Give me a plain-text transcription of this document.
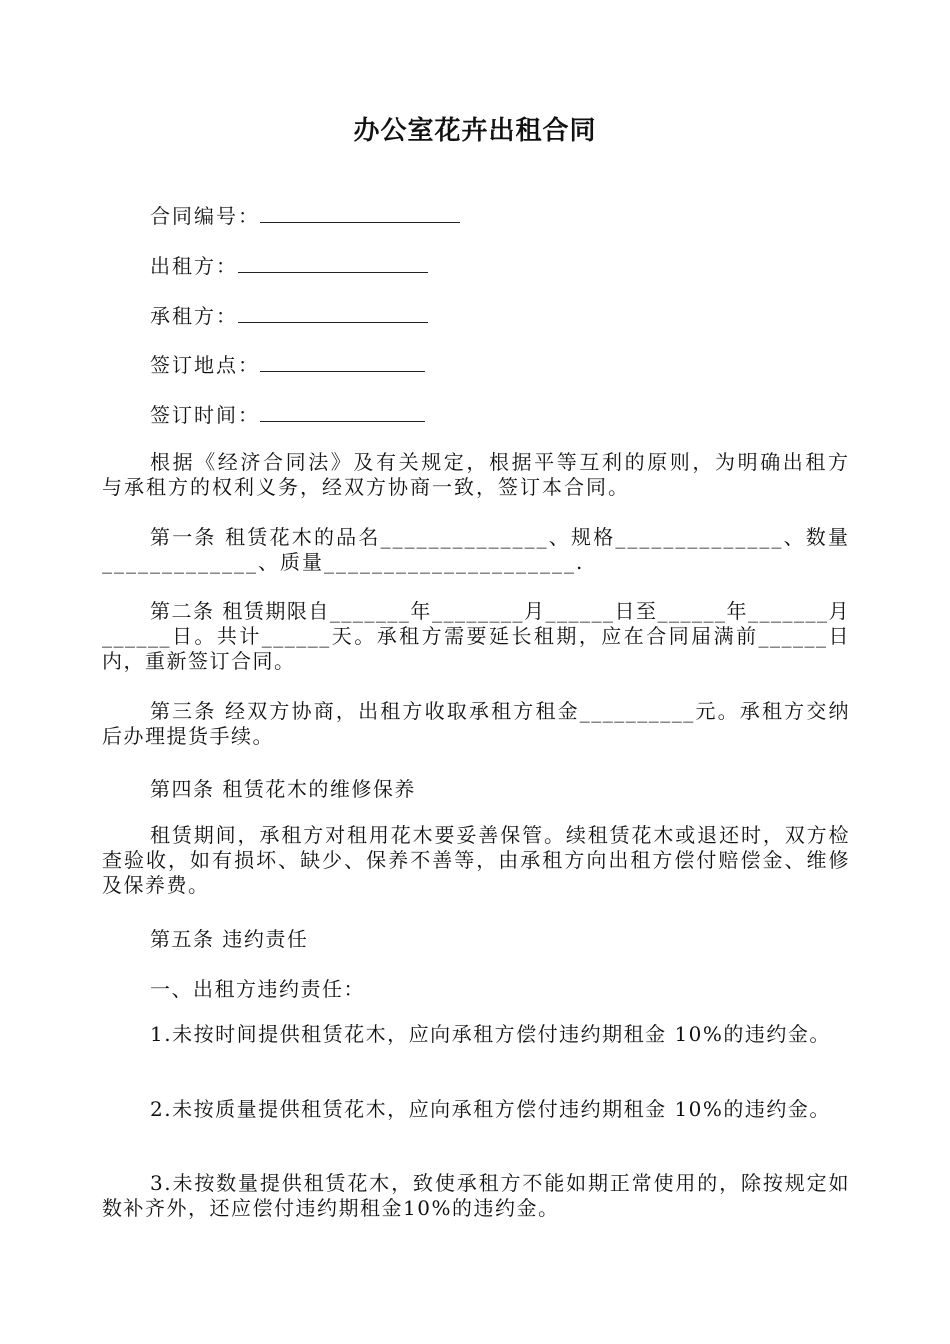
办公室花卉出租合同
合同编号：
出租方：
承租方：
签订地点：
签订时间：
根据《经济合同法》及有关规定，根据平等互利的原则，为明确出租方与承租方的权利义务，经双方协商一致，签订本合同。
第一条 租赁花木的品名______________、规格______________、数量_____________、质量_____________________.
第二条 租赁期限自_______年________月______日至______年_______月______日。共计______天。承租方需要延长租期，应在合同届满前______日内，重新签订合同。
第三条 经双方协商，出租方收取承租方租金__________元。承租方交纳后办理提货手续。
第四条 租赁花木的维修保养
租赁期间，承租方对租用花木要妥善保管。续租赁花木或退还时，双方检查验收，如有损坏、缺少、保养不善等，由承租方向出租方偿付赔偿金、维修及保养费。
第五条 违约责任
一、出租方违约责任：
1.未按时间提供租赁花木，应向承租方偿付违约期租金 10%的违约金。
2.未按质量提供租赁花木，应向承租方偿付违约期租金 10%的违约金。
3.未按数量提供租赁花木，致使承租方不能如期正常使用的，除按规定如数补齐外，还应偿付违约期租金10%的违约金。
